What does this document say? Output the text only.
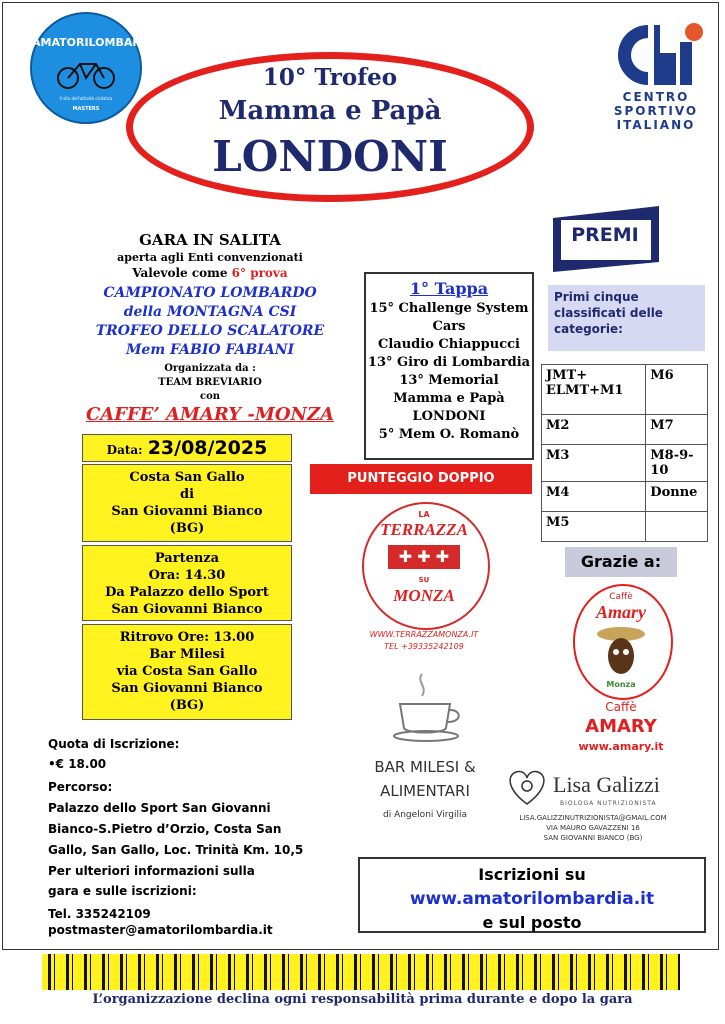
AMATORILOMBARDIA
Il sito dell'attività ciclistica
MASTERS
10° Trofeo
Mamma e Papà
LONDONI
CENTRO
SPORTIVO
ITALIANO
PREMI
Primi cinque classificati delle categorie:
JMT+ ELMT+M1	M6
M2	M7
M3	M8-9-10
M4	Donne
M5	
GARA IN SALITA
aperta agli Enti convenzionati
Valevole come 6° prova
CAMPIONATO LOMBARDO
della MONTAGNA CSI
TROFEO DELLO SCALATORE
Mem FABIO FABIANI
Organizzata da :
TEAM BREVIARIO
con
CAFFE’ AMARY -MONZA
Data: 23/08/2025
Costa San Gallo
di
San Giovanni Bianco
(BG)
Partenza
Ora: 14.30
Da Palazzo dello Sport
San Giovanni Bianco
Ritrovo Ore: 13.00
Bar Milesi
via Costa San Gallo
San Giovanni Bianco
(BG)
1° Tappa
15° Challenge System
Cars
Claudio Chiappucci
13° Giro di Lombardia
13° Memorial
Mamma e Papà
LONDONI
5° Mem O. Romanò
PUNTEGGIO DOPPIO
LA
TERRAZZA
✚ ✚ ✚
SU
MONZA
WWW.TERRAZZAMONZA.IT
TEL +39335242109
Grazie a:
Caffè
Amary
Monza
Caffè
AMARY
www.amary.it
BAR MILESI &
ALIMENTARI
di Angeloni Virgilia
Lisa Galizzi
BIOLOGA NUTRIZIONISTA
LISA.GALIZZINUTRIZIONISTA@GMAIL.COM
VIA MAURO GAVAZZENI 16
SAN GIOVANNI BIANCO (BG)
Quota di Iscrizione:
•€ 18.00
Percorso:
Palazzo dello Sport San Giovanni
Bianco-S.Pietro d’Orzio, Costa San
Gallo, San Gallo, Loc. Trinità Km. 10,5
Per ulteriori informazioni sulla
gara e sulle iscrizioni:
Tel. 335242109
postmaster@amatorilombardia.it
Iscrizioni su
www.amatorilombardia.it
e sul posto
L’organizzazione declina ogni responsabilità prima durante e dopo la gara
